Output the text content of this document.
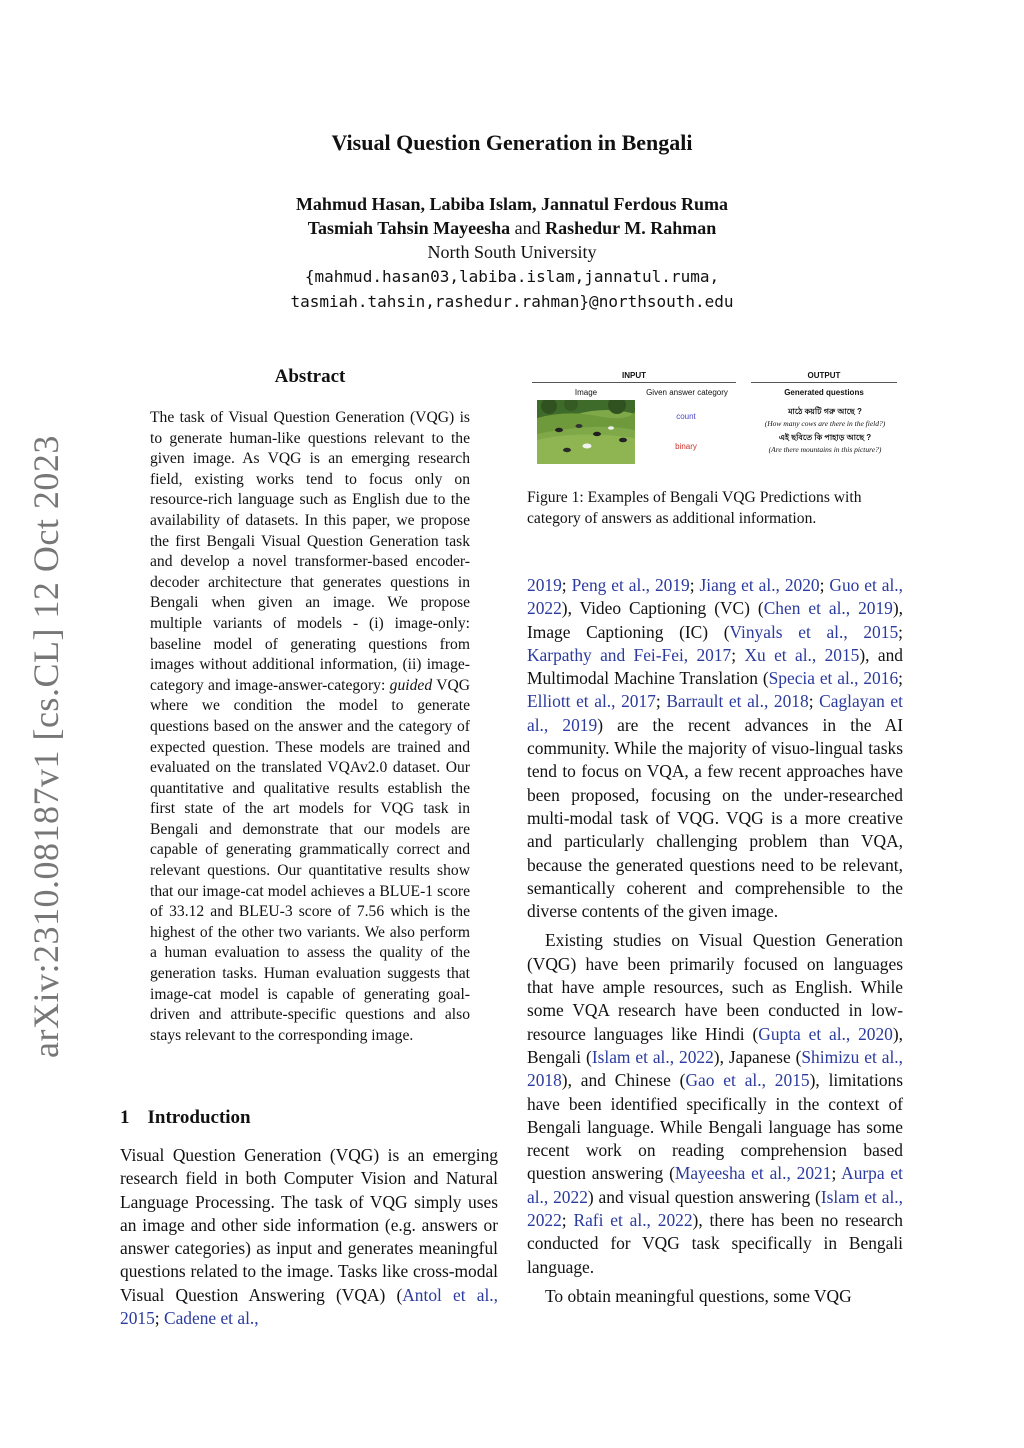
Visual Question Generation in Bengali
Mahmud Hasan, Labiba Islam, Jannatul Ferdous Ruma
Tasmiah Tahsin Mayeesha and Rashedur M. Rahman
North South University
{mahmud.hasan03,labiba.islam,jannatul.ruma,
tasmiah.tahsin,rashedur.rahman}@northsouth.edu
arXiv:2310.08187v1 [cs.CL] 12 Oct 2023
Abstract
The task of Visual Question Generation (VQG) is to generate human-like questions relevant to the given image. As VQG is an emerging research field, existing works tend to focus only on resource-rich language such as English due to the availability of datasets. In this paper, we propose the first Bengali Visual Question Generation task and develop a novel transformer-based encoder-decoder architecture that generates questions in Bengali when given an image. We propose multiple variants of models - (i) image-only: baseline model of generating questions from images without additional information, (ii) image-category and image-answer-category: guided VQG where we condition the model to generate questions based on the answer and the category of expected question. These models are trained and evaluated on the translated VQAv2.0 dataset. Our quantitative and qualitative results establish the first state of the art models for VQG task in Bengali and demonstrate that our models are capable of generating grammatically correct and relevant questions. Our quantitative results show that our image-cat model achieves a BLUE-1 score of 33.12 and BLEU-3 score of 7.56 which is the highest of the other two variants. We also perform a human evaluation to assess the quality of the generation tasks. Human evaluation suggests that image-cat model is capable of generating goal-driven and attribute-specific questions and also stays relevant to the corresponding image.
1 Introduction

Visual Question Generation (VQG) is an emerging research field in both Computer Vision and Natural Language Processing. The task of VQG simply uses an image and other side information (e.g. answers or answer categories) as input and generates meaningful questions related to the image. Tasks like cross-modal Visual Question Answering (VQA) (Antol et al., 2015; Cadene et al.,

INPUT	OUTPUT
Image	Given answer category	Generated questions
count
binary
মাঠে কয়টি গরু আছে ?
(How many cows are there in the field?)
এই ছবিতে কি পাহাড় আছে ?
(Are there mountains in this picture?)
Figure 1: Examples of Bengali VQG Predictions with category of answers as additional information.

2019; Peng et al., 2019; Jiang et al., 2020; Guo et al., 2022), Video Captioning (VC) (Chen et al., 2019), Image Captioning (IC) (Vinyals et al., 2015; Karpathy and Fei-Fei, 2017; Xu et al., 2015), and Multimodal Machine Translation (Specia et al., 2016; Elliott et al., 2017; Barrault et al., 2018; Caglayan et al., 2019) are the recent advances in the AI community. While the majority of visuo-lingual tasks tend to focus on VQA, a few recent approaches have been proposed, focusing on the under-researched multi-modal task of VQG. VQG is a more creative and particularly challenging problem than VQA, because the generated questions need to be relevant, semantically coherent and comprehensible to the diverse contents of the given image.

Existing studies on Visual Question Generation (VQG) have been primarily focused on languages that have ample resources, such as English. While some VQA research have been conducted in low-resource languages like Hindi (Gupta et al., 2020), Bengali (Islam et al., 2022), Japanese (Shimizu et al., 2018), and Chinese (Gao et al., 2015), limitations have been identified specifically in the context of Bengali language. While Bengali language has some recent work on reading comprehension based question answering (Mayeesha et al., 2021; Aurpa et al., 2022) and visual question answering (Islam et al., 2022; Rafi et al., 2022), there has been no research conducted for VQG task specifically in Bengali language.

To obtain meaningful questions, some VQG
